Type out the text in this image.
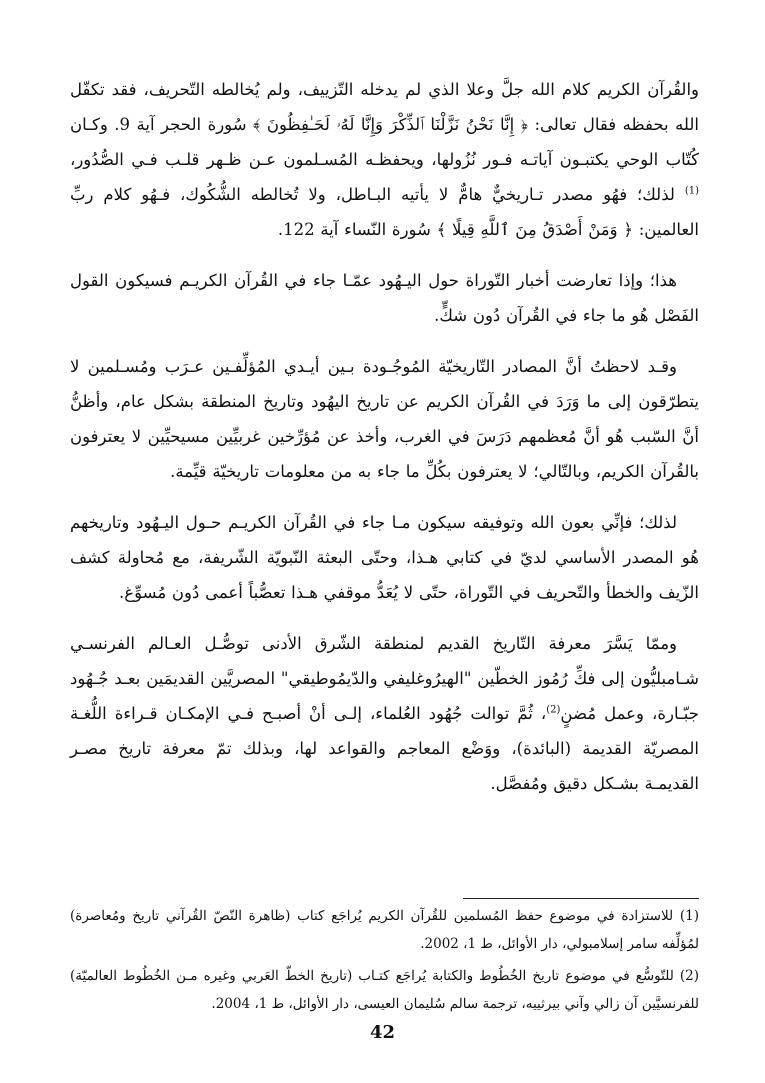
والقُرآن الكريم كلام الله جلَّ وعلا الذي لم يدخله التّزييف، ولم يُخالطه التّحريف، فقد تكفّل الله بحفظه فقال تعالى: ﴿ إِنَّا نَحْنُ نَزَّلْنَا ٱلذِّكْرَ وَإِنَّا لَهُۥ لَحَـٰفِظُونَ ﴾ سُورة الحجر آية 9. وكـان كُتّاب الوحي يكتبـون آياتـه فـور نُزُولها، ويحفظـه المُسـلمون عـن ظـهر قلـب فـي الصُّدُور، $^{(1)}$ لذلك؛ فهُو مصدر تـاريخيٌّ هامٌّ لا يأتيه البـاطل، ولا تُخالطه الشُّكُوك، فـهُو كلام ربِّ العالمين: ﴿ وَمَنْ أَصْدَقُ مِنَ ٱللَّهِ قِيلًا ﴾ سُورة النّساء آية 122.

هذا؛ وإذا تعارضت أخبار التّوراة حول اليـهُود عمّـا جاء في القُرآن الكريـم فسيكون القول الفَصْل هُو ما جاء في القُرآن دُون شكٍّ.

وقـد لاحظتُ أنَّ المصادر التّاريخيّة المُوجُـودة بـين أيـدي المُؤلِّفـين عـرَب ومُسـلمين لا يتطرّقون إلى ما وَرَدَ في القُرآن الكريم عن تاريخ اليهُود وتاريخ المنطقة بشكل عام، وأظنُّ أنَّ السّبب هُو أنَّ مُعظمهم دَرَسَ في الغرب، وأخذ عن مُؤرِّخين غربيِّين مسيحيِّين لا يعترفون بالقُرآن الكريم، وبالتّالي؛ لا يعترفون بكُلِّ ما جاء به من معلومات تاريخيّة قيِّمة.

لذلك؛ فإنِّي بعون الله وتوفيقه سيكون مـا جاء في القُرآن الكريـم حـول اليـهُود وتاريخهم هُو المصدر الأساسي لديّ في كتابي هـذا، وحتّى البعثة النّبويّة الشّريفة، مع مُحاولة كشف الزّيف والخطأ والتّحريف في التّوراة، حتّى لا يُعَدُّ موقفي هـذا تعصُّباً أعمى دُون مُسوِّغ.

وممّا يَسَّرَ معرفة التّاريخ القديم لمنطقة الشّرق الأدنى توصُّـل العـالم الفرنسـي شـامبليُّون إلى فكِّ رُمُوز الخطّين "الهيرُوغليفي والدّيمُوطيقي" المصريَّين القديمَين بعـد جُـهُود جبّـارة، وعمل مُضنٍ$^{(2)}$، ثُمَّ توالت جُهُود العُلماء، إلـى أنْ أصبـح فـي الإمكـان قـراءة اللُّغـة المصريّة القديمة (البائدة)، ووَضْع المعاجم والقواعد لها، وبذلك تمّ معرفة تاريخ مصـر القديمـة بشـكل دقيق ومُفصَّل.

(1) للاستزادة في موضوع حفظ المُسلمين للقُرآن الكريم يُراجَع كتاب (ظاهرة النّصّ القُرآني تاريخ ومُعاصرة) لمُؤلِّفه سامر إسلامبولي، دار الأوائل، ط 1، 2002.

(2) للتّوسُّع في موضوع تاريخ الخُطُوط والكتابة يُراجَع كتـاب (تاريخ الخطّ العَربي وغيره مـن الخُطُوط العالميّة) للفرنسيَّين آن زالي وآني بيرثييه، ترجمة سالم سُليمان العيسى، دار الأوائل، ط 1، 2004.

42
